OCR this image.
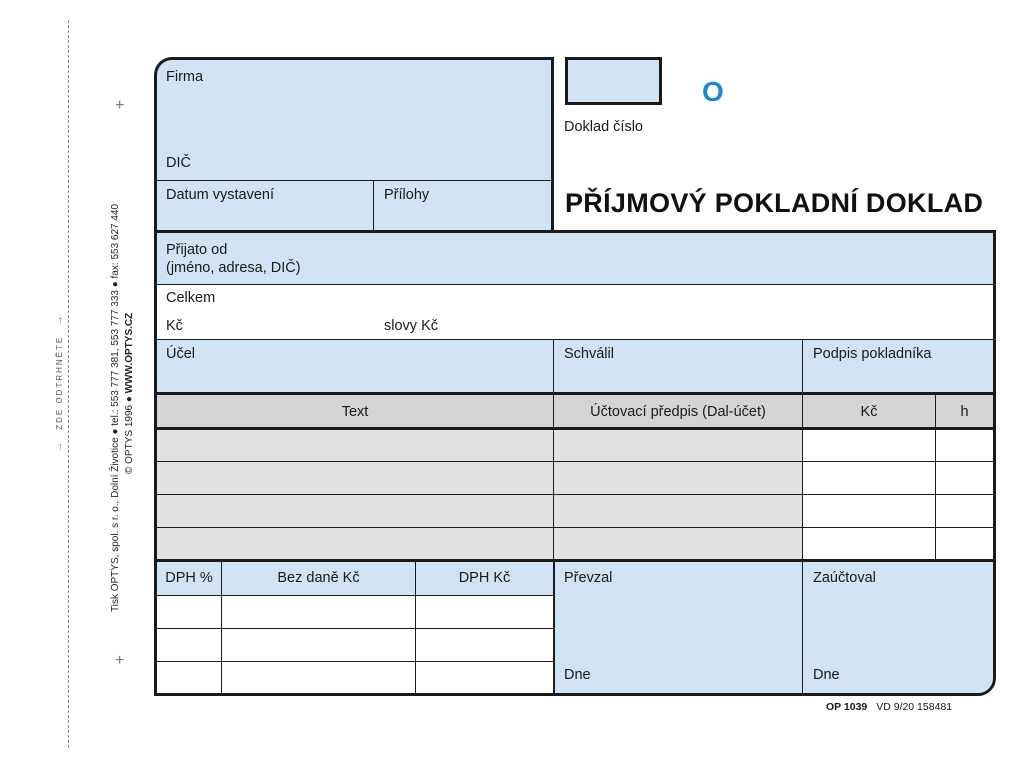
→ ZDE ODTRHNĚTE →	Tisk OPTYS, spol. s r. o., Dolní Životice ● tel.: 553 777 381, 553 777 333 ● fax: 553 627 440 © OPTYS 1996 ● WWW.OPTYS.CZ
+
+
Firma
DIČ
Datum vystavení	Přílohy
Doklad číslo
O
PŘÍJMOVÝ POKLADNÍ DOKLAD
Přijato od
(jméno, adresa, DIČ)
Celkem
Kč	slovy Kč
Účel	Schválil	Podpis pokladníka
Text	Účtovací předpis (Dal-účet)	Kč	h
DPH %	Bez daně Kč	DPH Kč	Převzal	Zaúčtoval
Dne	Dne
OP 1039 VD 9/20 158481
